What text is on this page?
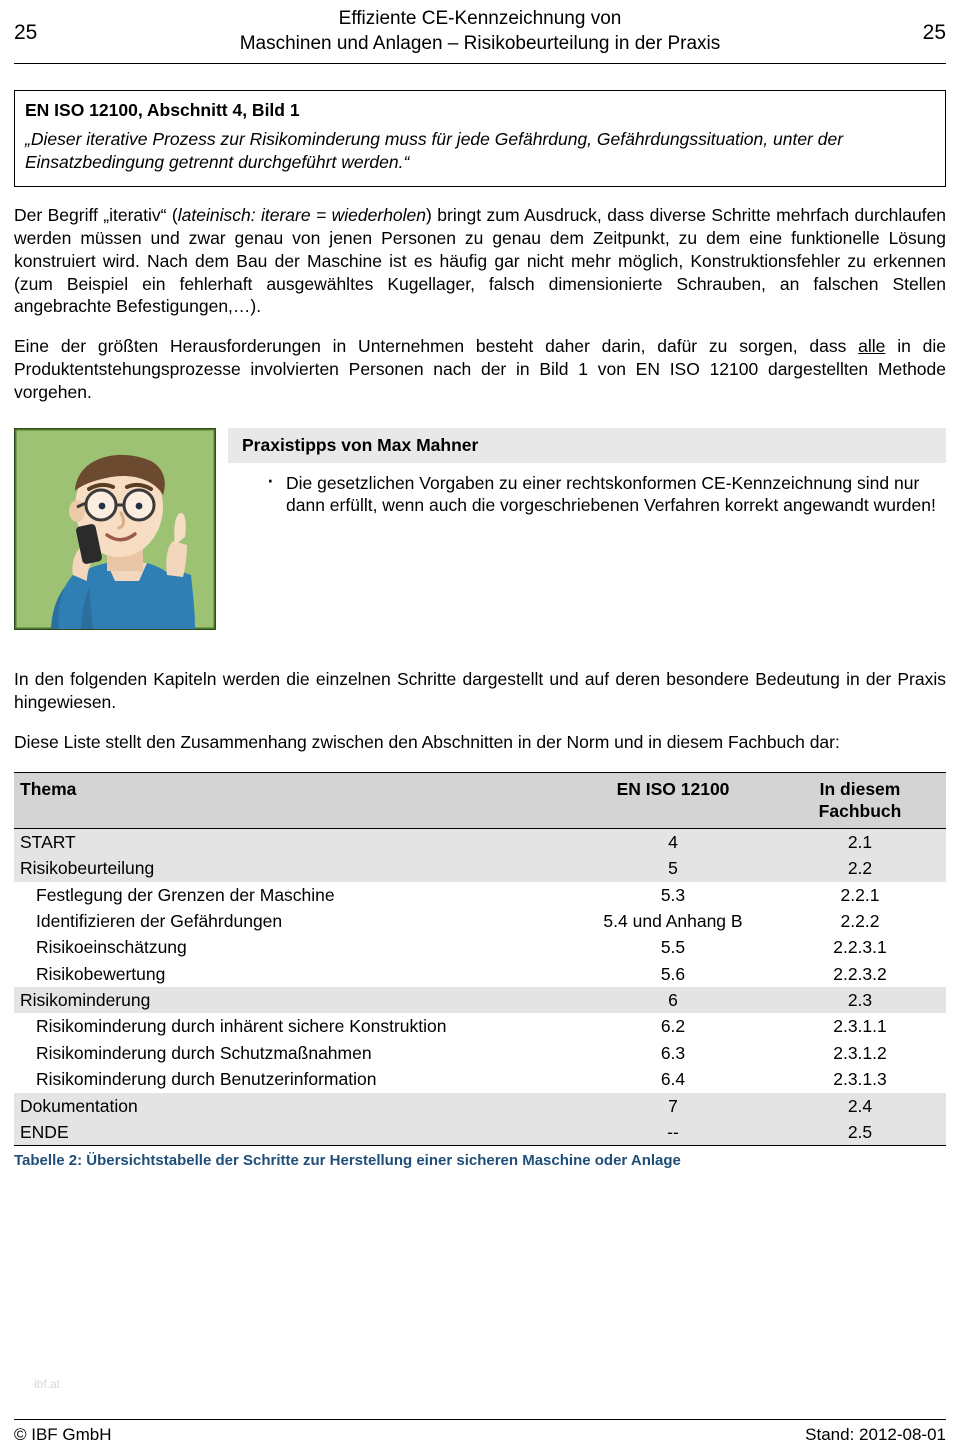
25
Effiziente CE-Kennzeichnung von
Maschinen und Anlagen – Risikobeurteilung in der Praxis	25
EN ISO 12100, Abschnitt 4, Bild 1
„Dieser iterative Prozess zur Risikominderung muss für jede Gefährdung, Gefährdungssituation, unter der Einsatzbedingung getrennt durchgeführt werden.“

Der Begriff „iterativ“ (lateinisch: iterare = wiederholen) bringt zum Ausdruck, dass diverse Schritte mehrfach durchlaufen werden müssen und zwar genau von jenen Personen zu genau dem Zeitpunkt, zu dem eine funktionelle Lösung konstruiert wird. Nach dem Bau der Maschine ist es häufig gar nicht mehr möglich, Konstruktionsfehler zu erkennen (zum Beispiel ein fehlerhaft ausgewähltes Kugellager, falsch dimensionierte Schrauben, an falschen Stellen angebrachte Befestigungen,…).

Eine der größten Herausforderungen in Unternehmen besteht daher darin, dafür zu sorgen, dass alle in die Produktentstehungsprozesse involvierten Personen nach der in Bild 1 von EN ISO 12100 dargestellten Methode vorgehen.

Praxistipps von Max Mahner
· Die gesetzlichen Vorgaben zu einer rechtskonformen CE-Kennzeichnung sind nur dann erfüllt, wenn auch die vorgeschriebenen Verfahren korrekt angewandt wurden!

In den folgenden Kapiteln werden die einzelnen Schritte dargestellt und auf deren besondere Bedeutung in der Praxis hingewiesen.

Diese Liste stellt den Zusammenhang zwischen den Abschnitten in der Norm und in diesem Fachbuch dar:

Thema	EN ISO 12100	In diesem
Fachbuch

START	4	2.1
Risikobeurteilung	5	2.2
Festlegung der Grenzen der Maschine	5.3	2.2.1
Identifizieren der Gefährdungen	5.4 und Anhang B	2.2.2
Risikoeinschätzung	5.5	2.2.3.1
Risikobewertung	5.6	2.2.3.2
Risikominderung	6	2.3
Risikominderung durch inhärent sichere Konstruktion	6.2	2.3.1.1
Risikominderung durch Schutzmaßnahmen	6.3	2.3.1.2
Risikominderung durch Benutzerinformation	6.4	2.3.1.3
Dokumentation	7	2.4
ENDE	--	2.5
Tabelle 2: Übersichtstabelle der Schritte zur Herstellung einer sicheren Maschine oder Anlage
ibf.at
© IBF GmbH	Stand: 2012-08-01
